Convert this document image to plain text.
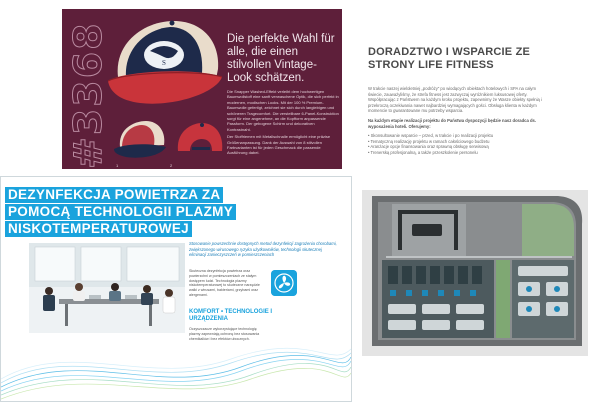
#3368	S
Die perfekte Wahl für alle, die einen stilvollen Vintage-Look schätzen.

Die Snapper Washed-Effekt verleiht dem hochwertigen Baumwollstoff eine sanft verwaschene Optik, die sich perfekt in modernen, modischen Looks. Mit der 100 % Premium-Baumwolle gefertigt, zeichnet sie sich durch langlebigen und schöneren Tragecomfort. Die verstellbare 6-Panel-Konstruktion sorgt für eine angenehme, an die Kopfform anpassende Passform. Der gebogene Schirm und dekorativen Kontrastnaht.

Der Stoffriemen mit Metallschnalle ermöglicht eine präzise Größenanpassung. Dank der Auswahl von 8 stilvollen Farbvarianten ist für jeden Geschmack die passende Ausführung dabei.

1	2
DORADZTWO I WSPARCIE ZE STRONY LIFE FITNESS

W trakcie naszej wieloletniej „podróży” po wiodących obiektach hotelowych i SPA na całym świecie, zauważyliśmy, że strefa fitness jest zazwyczaj wyróżnikiem luksusowej oferty. Współpracując z Państwem na każdym kroku projektu, zapewnimy że Wasze obiekty spełnią i przekroczą oczekiwania nawet najbardziej wymagających gości. Obsługa klienta w każdym momencie to gwarantowane mu potrzeby wsparcia.

Na każdym etapie realizacji projektu do Państwa dyspozycji będzie nasz doradca ds. wyposażenia hoteli. Oferujemy:

• Skonsultowanie wsparcie – przed, w trakcie i po realizacji projektu
• Tematyczną realizację projektu w ramach całościowego budżetu
• Aranżacje opcje finansowania oraz sprawną obsługę serwisową
• Trenerską profesjonalną, a także przeszkolenie personelu
DEZYNFEKCJA POWIETRZA ZA
POMOCĄ TECHNOLOGII PLAZMY
NISKOTEMPERATUROWEJ
Stosowanie powszechnie dostępnych metod dezynfekcji zagrożenia chorobami, zwiększonego wirusowego ryzyka użytkowników, technologii skutecznej eliminacji zanieczyszczeń w pomieszczeniach
Skuteczna dezynfekcja powietrza oraz powierzchni w pomieszczeniach ze stałym dostępem ludzi. Technologia plazmy niskotemperaturowej to skuteczne narzędzie walki z wirusami, bakteriami, grzybami oraz alergenami.
KOMFORT • TECHNOLOGIE I URZĄDZENIA
Oczyszczacze wykorzystujące technologię plazmy zapewniają ochronę bez stosowania chemikaliów i bez efektów ubocznych.
